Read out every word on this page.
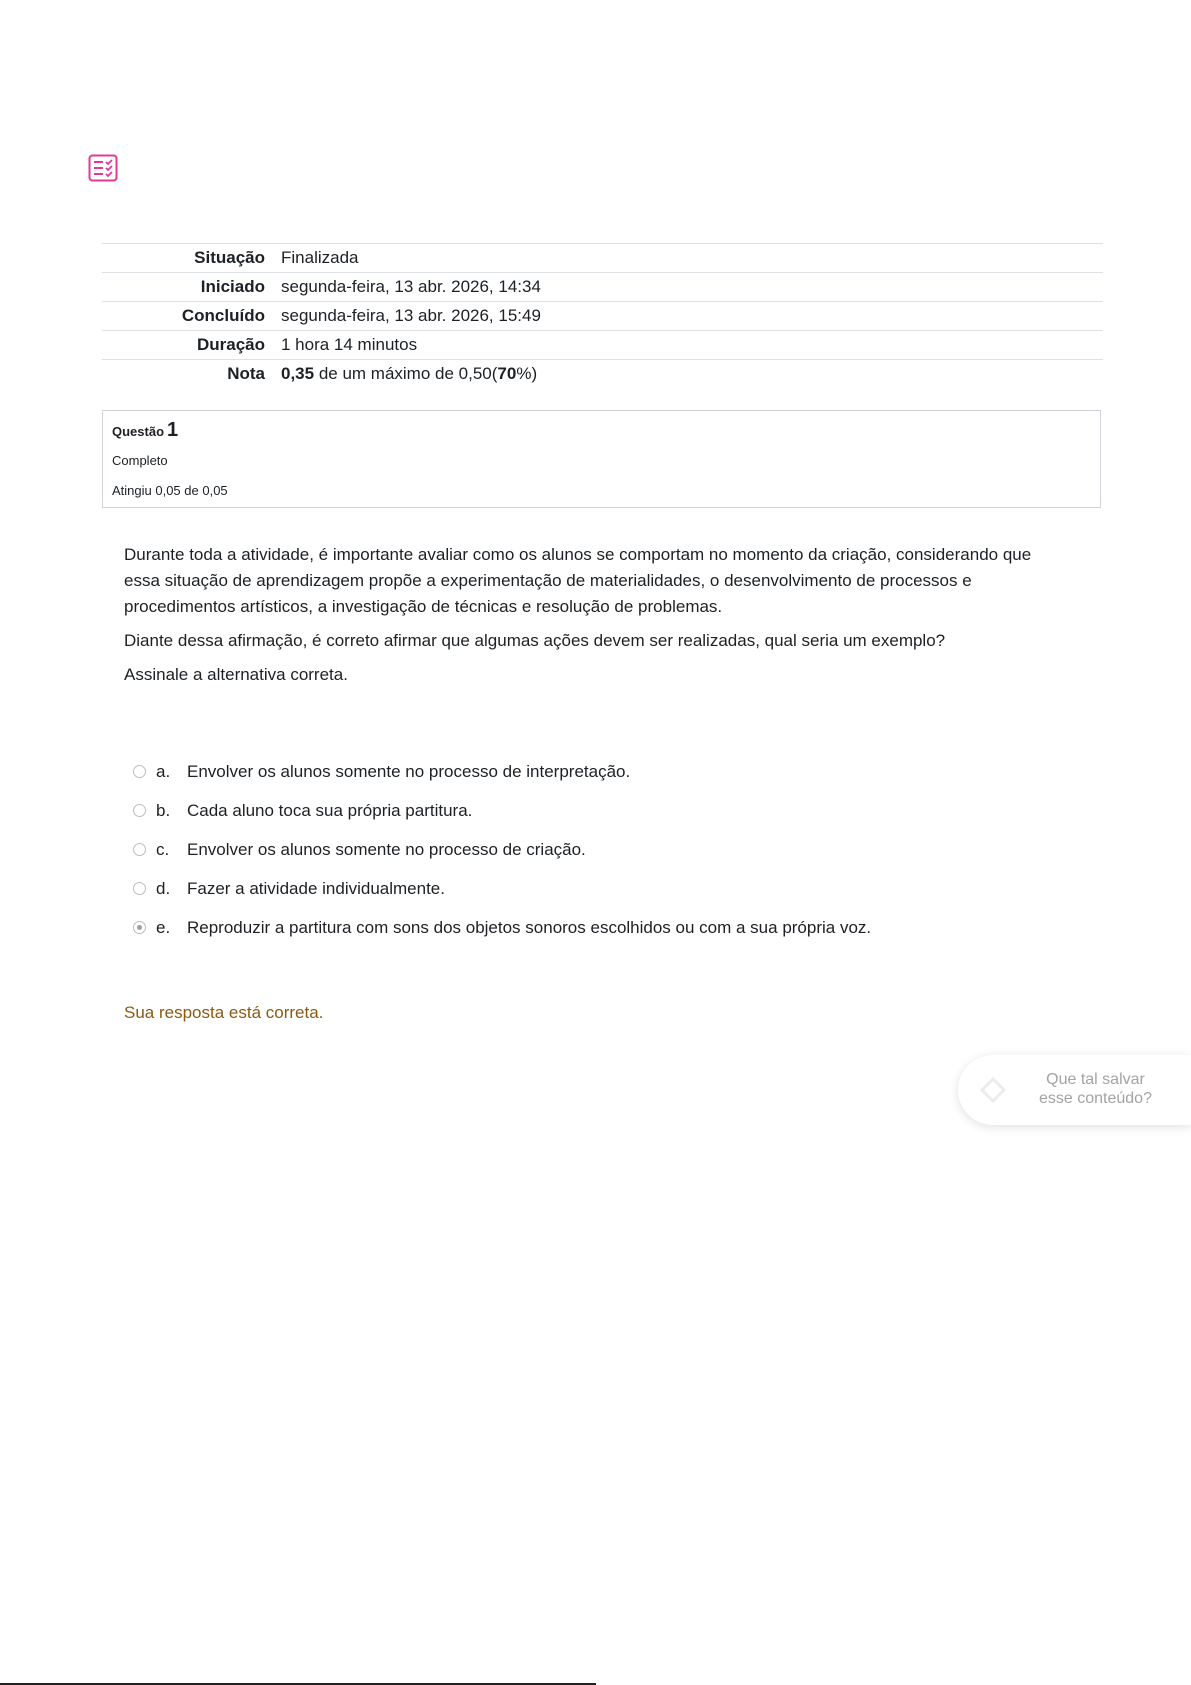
Situação	Finalizada
Iniciado	segunda-feira, 13 abr. 2026, 14:34
Concluído	segunda-feira, 13 abr. 2026, 15:49
Duração	1 hora 14 minutos
Nota	0,35 de um máximo de 0,50(70%)
Questão 1
Completo
Atingiu 0,05 de 0,05

Durante toda a atividade, é importante avaliar como os alunos se comportam no momento da criação, considerando que essa situação de aprendizagem propõe a experimentação de materialidades, o desenvolvimento de processos e procedimentos artísticos, a investigação de técnicas e resolução de problemas.

Diante dessa afirmação, é correto afirmar que algumas ações devem ser realizadas, qual seria um exemplo?

Assinale a alternativa correta.

a. Envolver os alunos somente no processo de interpretação.
b. Cada aluno toca sua própria partitura.
c.	Envolver os alunos somente no processo de criação.
d. Fazer a atividade individualmente.
e. Reproduzir a partitura com sons dos objetos sonoros escolhidos ou com a sua própria voz.
Sua resposta está correta.
Que tal salvar
esse conteúdo?
